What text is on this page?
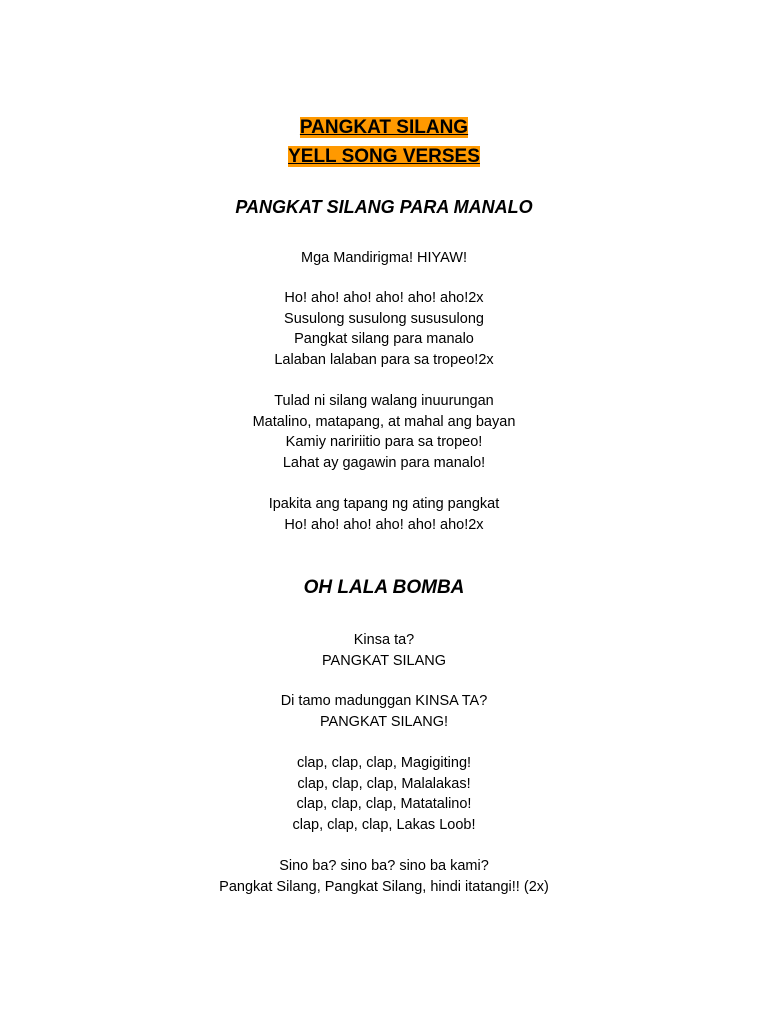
PANGKAT SILANG
YELL SONG VERSES
PANGKAT SILANG PARA MANALO
Mga Mandirigma! HIYAW!
Ho! aho! aho! aho! aho! aho!2x
Susulong susulong sususulong
Pangkat silang para manalo
Lalaban lalaban para sa tropeo!2x
Tulad ni silang walang inuurungan
Matalino, matapang, at mahal ang bayan
Kamiy naririitio para sa tropeo!
Lahat ay gagawin para manalo!
Ipakita ang tapang ng ating pangkat
Ho! aho! aho! aho! aho! aho!2x
OH LALA BOMBA
Kinsa ta?
PANGKAT SILANG
Di tamo madunggan KINSA TA?
PANGKAT SILANG!
clap, clap, clap, Magigiting!
clap, clap, clap, Malalakas!
clap, clap, clap, Matatalino!
clap, clap, clap, Lakas Loob!
Sino ba? sino ba? sino ba kami?
Pangkat Silang, Pangkat Silang, hindi itatangi!! (2x)
